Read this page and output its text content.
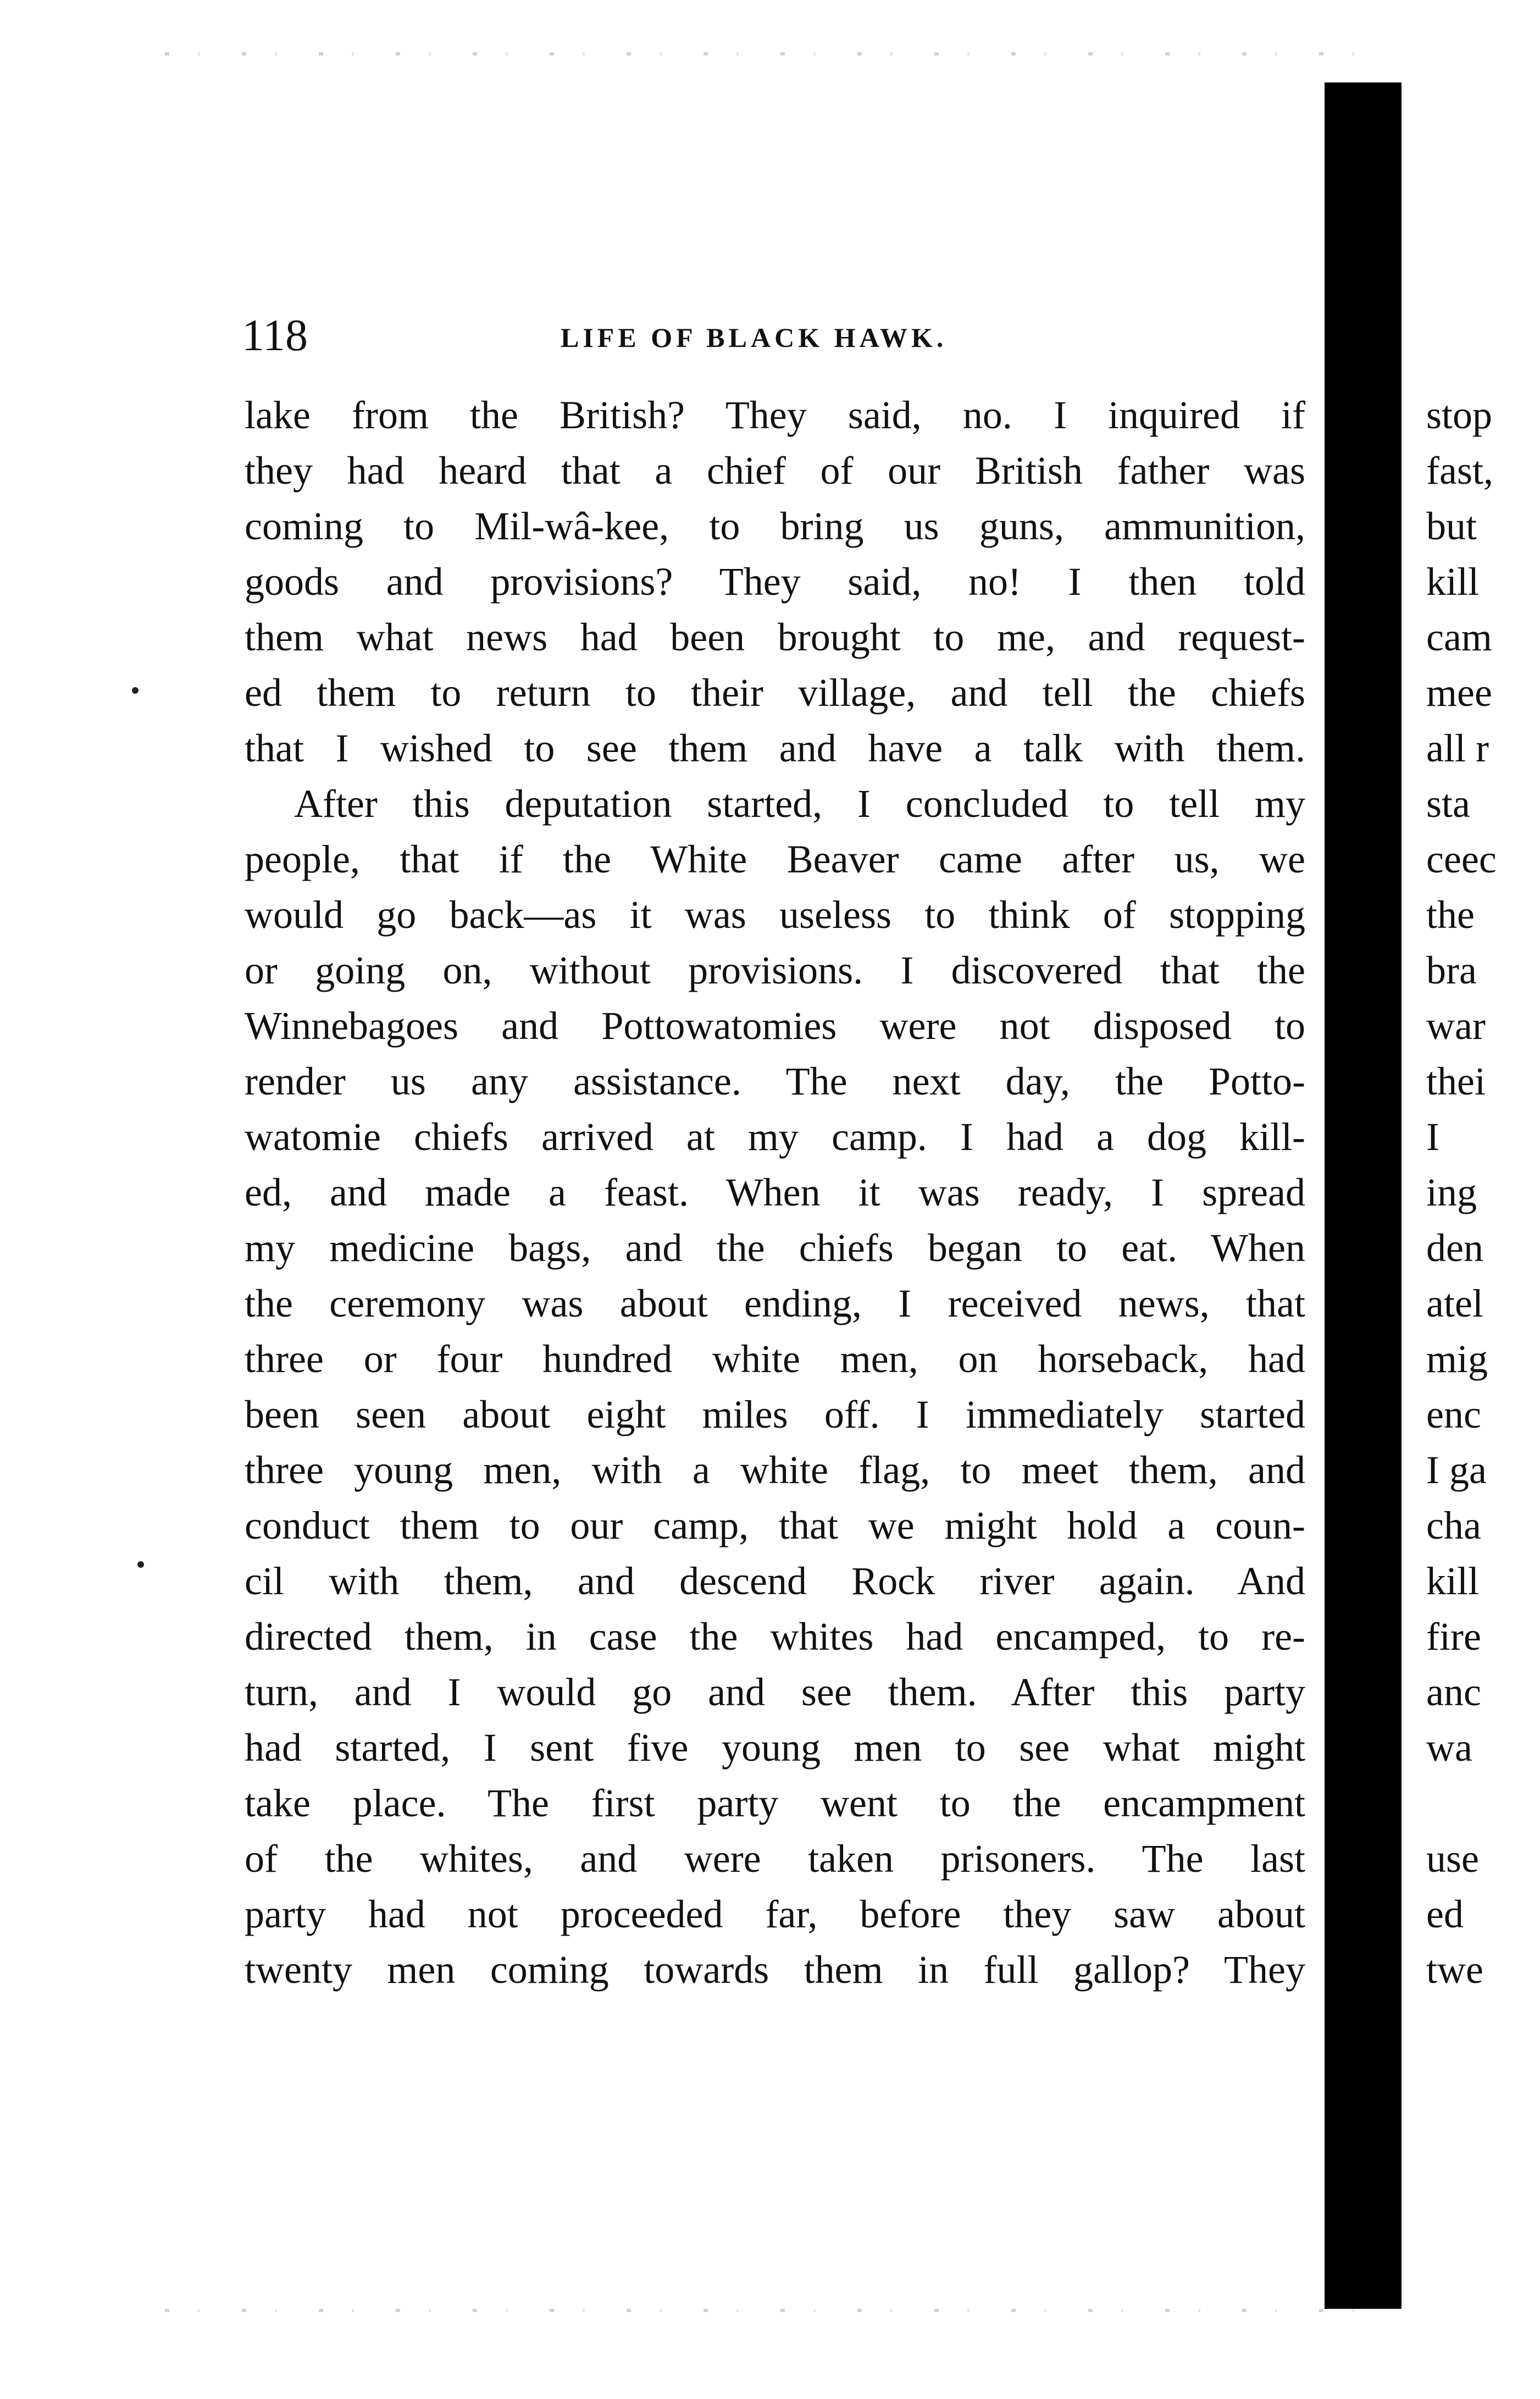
118	LIFE OF BLACK HAWK.
lake from the British? They said, no. I inquired if
they had heard that a chief of our British father was
coming to Mil-wâ-kee, to bring us guns, ammunition,
goods and provisions? They said, no! I then told
them what news had been brought to me, and request-
ed them to return to their village, and tell the chiefs
that I wished to see them and have a talk with them.
After this deputation started, I concluded to tell my
people, that if the White Beaver came after us, we
would go back—as it was useless to think of stopping
or going on, without provisions. I discovered that the
Winnebagoes and Pottowatomies were not disposed to
render us any assistance. The next day, the Potto-
watomie chiefs arrived at my camp. I had a dog kill-
ed, and made a feast. When it was ready, I spread
my medicine bags, and the chiefs began to eat. When
the ceremony was about ending, I received news, that
three or four hundred white men, on horseback, had
been seen about eight miles off. I immediately started
three young men, with a white flag, to meet them, and
conduct them to our camp, that we might hold a coun-
cil with them, and descend Rock river again. And
directed them, in case the whites had encamped, to re-
turn, and I would go and see them. After this party
had started, I sent five young men to see what might
take place. The first party went to the encampment
of the whites, and were taken prisoners. The last
party had not proceeded far, before they saw about
twenty men coming towards them in full gallop? They
stop
fast,
but
kill
cam
mee
all r
sta
ceec
the
bra
war
thei
I
ing
den
atel
mig
enc
I ga
cha
kill
fire
anc
wa
use
ed
twe
